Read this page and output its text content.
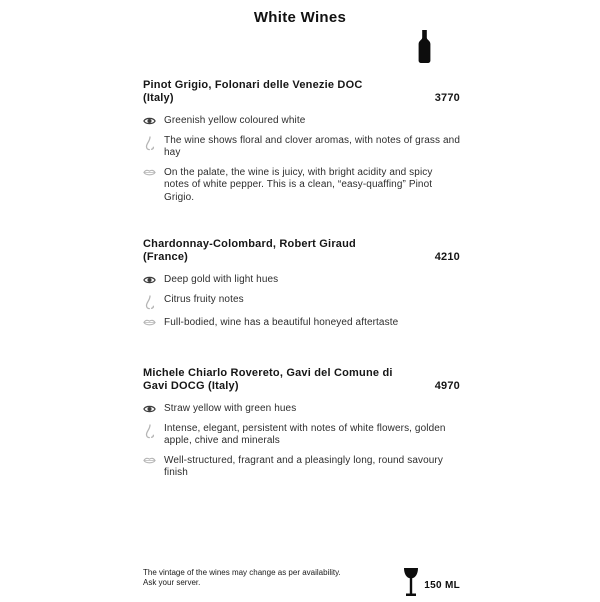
White Wines
Pinot Grigio, Folonari delle Venezie DOC (Italy)	3770
Greenish yellow coloured white
The wine shows floral and clover aromas, with notes of grass and hay
On the palate, the wine is juicy, with bright acidity and spicy notes of white pepper. This is a clean, “easy-quaffing” Pinot Grigio.
Chardonnay-Colombard, Robert Giraud (France)	4210
Deep gold with light hues
Citrus fruity notes
Full-bodied, wine has a beautiful honeyed aftertaste
Michele Chiarlo Rovereto, Gavi del Comune di Gavi DOCG (Italy)	4970
Straw yellow with green hues
Intense, elegant, persistent with notes of white flowers, golden apple, chive and minerals
Well-structured, fragrant and a pleasingly long, round savoury finish
The vintage of the wines may change as per availability.
Ask your server.	150 ML
